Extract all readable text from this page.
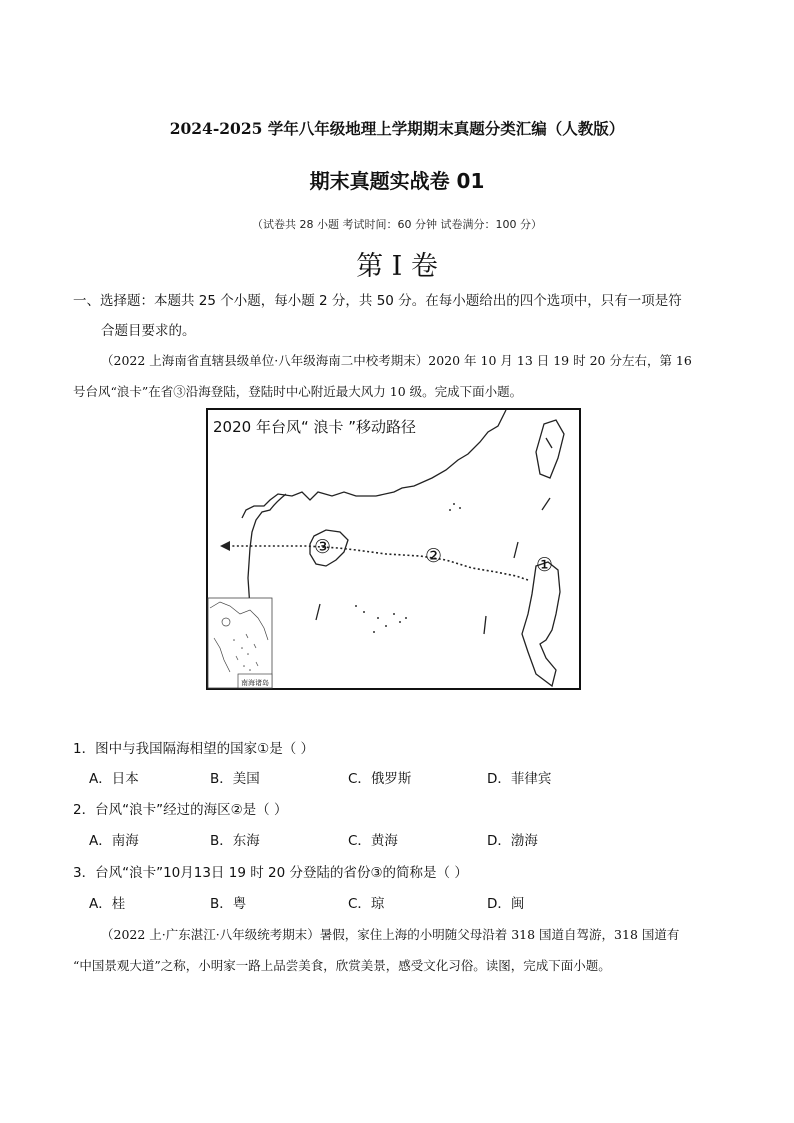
2024-2025 学年八年级地理上学期期末真题分类汇编（人教版）
期末真题实战卷 01
（试卷共 28 小题 考试时间：60 分钟 试卷满分：100 分）
第 I 卷
一、选择题：本题共 25 个小题，每小题 2 分，共 50 分。在每小题给出的四个选项中，只有一项是符
合题目要求的。
（2022 上海南省直辖县级单位·八年级海南二中校考期末）2020 年 10 月 13 日 19 时 20 分左右，第 16
号台风“浪卡”在省③沿海登陆，登陆时中心附近最大风力 10 级。完成下面小题。
2020 年台风“ 浪卡 ”移动路径
③	②	①
南海诸岛
1．图中与我国隔海相望的国家①是（ ）
A．日本	B．美国	C．俄罗斯	D．菲律宾
2．台风“浪卡”经过的海区②是（ ）
A．南海	B．东海	C．黄海	D．渤海
3．台风“浪卡”10月13日 19 时 20 分登陆的省份③的简称是（ ）
A．桂	B．粤	C．琼	D．闽
（2022 上·广东湛江·八年级统考期末）暑假，家住上海的小明随父母沿着 318 国道自驾游，318 国道有
“中国景观大道”之称，小明家一路上品尝美食，欣赏美景，感受文化习俗。读图，完成下面小题。
